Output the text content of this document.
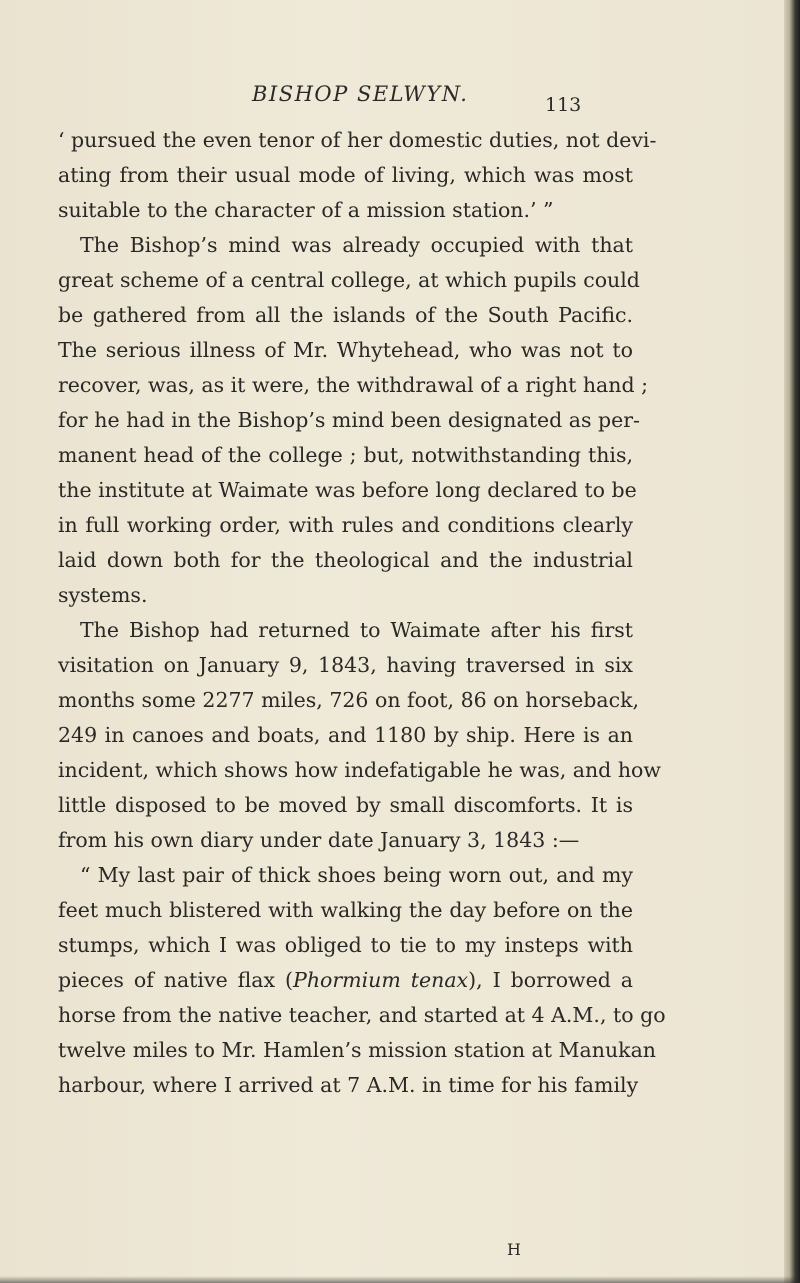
BISHOP SELWYN.	113
‘ pursued the even tenor of her domestic duties, not devi-
ating from their usual mode of living, which was most
suitable to the character of a mission station.’ ”
The Bishop’s mind was already occupied with that
great scheme of a central college, at which pupils could
be gathered from all the islands of the South Pacific.
The serious illness of Mr. Whytehead, who was not to
recover, was, as it were, the withdrawal of a right hand ;
for he had in the Bishop’s mind been designated as per-
manent head of the college ; but, notwithstanding this,
the institute at Waimate was before long declared to be
in full working order, with rules and conditions clearly
laid down both for the theological and the industrial
systems.
The Bishop had returned to Waimate after his first
visitation on January 9, 1843, having traversed in six
months some 2277 miles, 726 on foot, 86 on horseback,
249 in canoes and boats, and 1180 by ship. Here is an
incident, which shows how indefatigable he was, and how
little disposed to be moved by small discomforts. It is
from his own diary under date January 3, 1843 :—
“ My last pair of thick shoes being worn out, and my
feet much blistered with walking the day before on the
stumps, which I was obliged to tie to my insteps with
pieces of native flax (Phormium tenax), I borrowed a
horse from the native teacher, and started at 4 A.M., to go
twelve miles to Mr. Hamlen’s mission station at Manukan
harbour, where I arrived at 7 A.M. in time for his family
H
